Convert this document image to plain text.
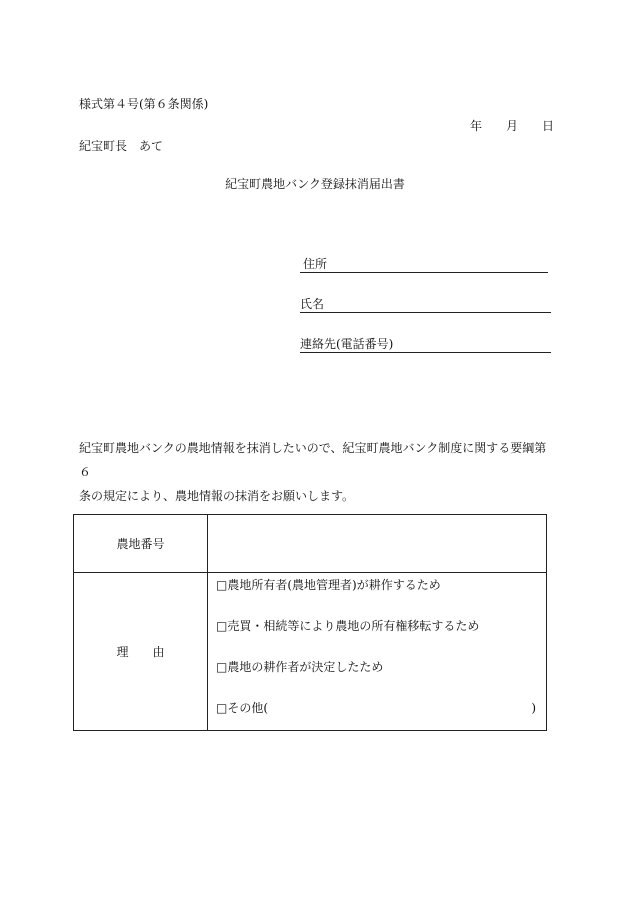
様式第４号(第６条関係)
年 月 日
紀宝町長　あて
紀宝町農地バンク登録抹消届出書
住所
氏名
連絡先(電話番号)

紀宝町農地バンクの農地情報を抹消したいので、紀宝町農地バンク制度に関する要綱第 ６

条の規定により、農地情報の抹消をお願いします。

農地番号	
理　　由	□農地所有者(農地管理者)が耕作するため
□売買・相続等により農地の所有権移転するため
□農地の耕作者が決定したため
□その他( )
